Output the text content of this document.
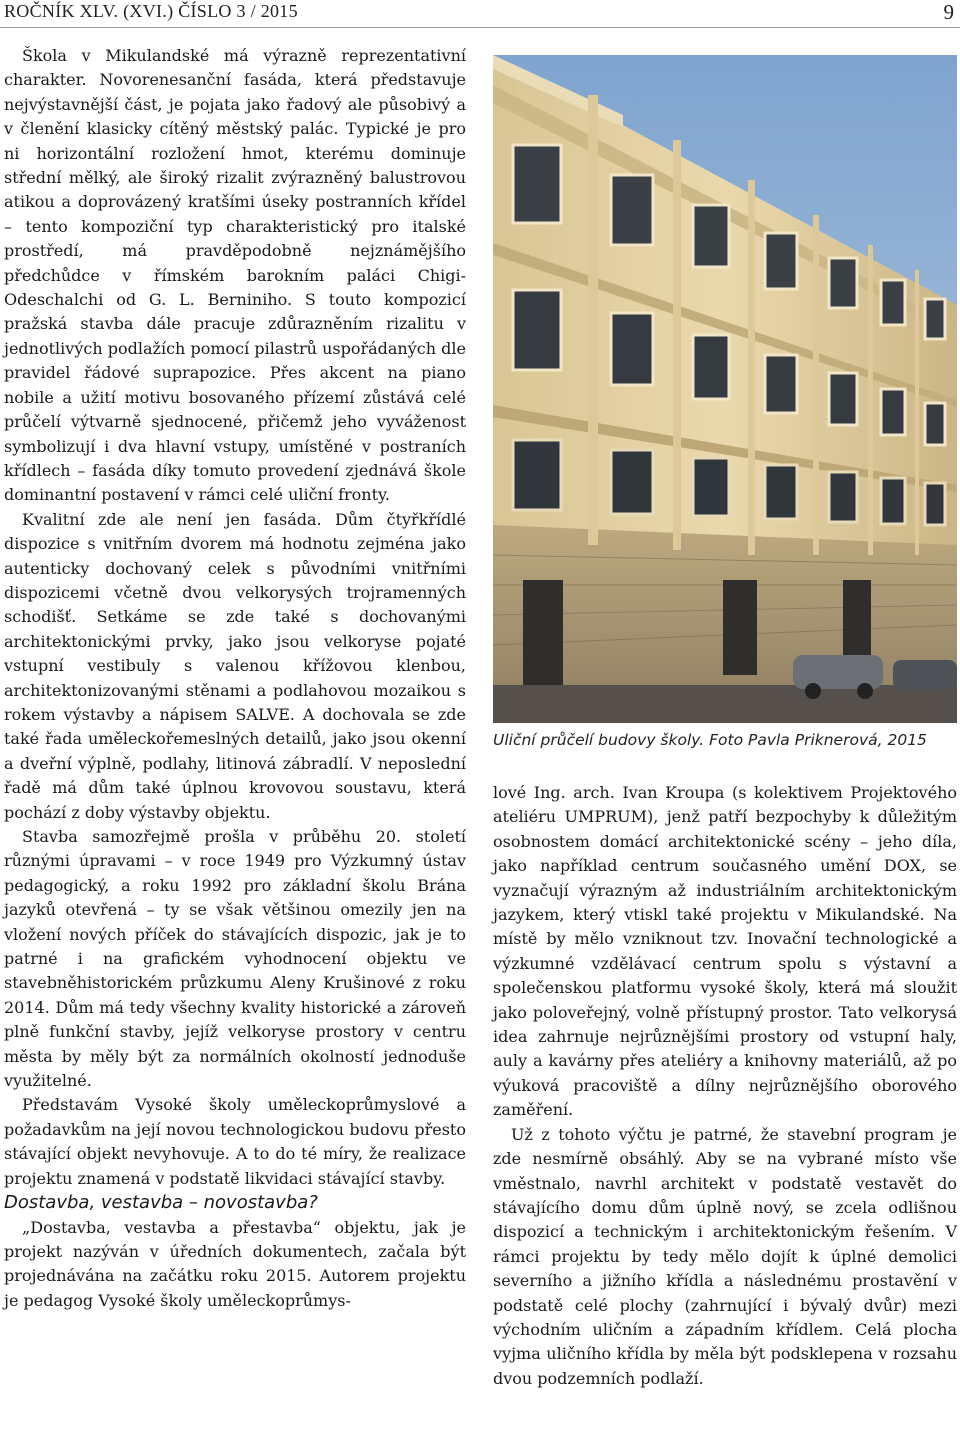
ROČNÍK XLV. (XVI.) ČÍSLO 3 / 2015	9

Škola v Mikulandské má výrazně reprezentativní charakter. Novorenesanční fasáda, která představuje nejvýstavnější část, je pojata jako řadový ale působivý a v členění klasicky cítěný městský palác. Typické je pro ni horizontální rozložení hmot, kterému dominuje střední mělký, ale široký rizalit zvýrazněný balustrovou atikou a doprovázený kratšími úseky postranních křídel – tento kompoziční typ charakteristický pro italské prostředí, má pravděpodobně nejznámějšího předchůdce v římském barokním paláci Chigi-Odeschalchi od G. L. Berniniho. S touto kompozicí pražská stavba dále pracuje zdůrazněním rizalitu v jednotlivých podlažích pomocí pilastrů uspořádaných dle pravidel řádové suprapozice. Přes akcent na piano nobile a užití motivu bosovaného přízemí zůstává celé průčelí výtvarně sjednocené, přičemž jeho vyváženost symbolizují i dva hlavní vstupy, umístěné v postraních křídlech – fasáda díky tomuto provedení zjednává škole dominantní postavení v rámci celé uliční fronty.

Kvalitní zde ale není jen fasáda. Dům čtyřkřídlé dispozice s vnitřním dvorem má hodnotu zejména jako autenticky dochovaný celek s původními vnitřními dispozicemi včetně dvou velkorysých trojramenných schodišť. Setkáme se zde také s dochovanými architektonickými prvky, jako jsou velkoryse pojaté vstupní vestibuly s valenou křížovou klenbou, architektonizovanými stěnami a podlahovou mozaikou s rokem výstavby a nápisem SALVE. A dochovala se zde také řada uměleckořemeslných detailů, jako jsou okenní a dveřní výplně, podlahy, litinová zábradlí. V neposlední řadě má dům také úplnou krovovou soustavu, která pochází z doby výstavby objektu.

Stavba samozřejmě prošla v průběhu 20. století různými úpravami – v roce 1949 pro Výzkumný ústav pedagogický, a roku 1992 pro základní školu Brána jazyků otevřená – ty se však většinou omezily jen na vložení nových příček do stávajících dispozic, jak je to patrné i na grafickém vyhodnocení objektu ve stavebněhistorickém průzkumu Aleny Krušinové z roku 2014. Dům má tedy všechny kvality historické a zároveň plně funkční stavby, jejíž velkoryse prostory v centru města by měly být za normálních okolností jednoduše využitelné.

Představám Vysoké školy uměleckoprůmyslové a požadavkům na její novou technologickou budovu přesto stávající objekt nevyhovuje. A to do té míry, že realizace projektu znamená v podstatě likvidaci stávající stavby.

Dostavba, vestavba – novostavba?

„Dostavba, vestavba a přestavba“ objektu, jak je projekt nazýván v úředních dokumentech, začala být projednávána na začátku roku 2015. Autorem projektu je pedagog Vysoké školy uměleckoprůmys-

Uliční průčelí budovy školy. Foto Pavla Priknerová, 2015

lové Ing. arch. Ivan Kroupa (s kolektivem Projektového ateliéru UMPRUM), jenž patří bezpochyby k důležitým osobnostem domácí architektonické scény – jeho díla, jako například centrum současného umění DOX, se vyznačují výrazným až industriálním architektonickým jazykem, který vtiskl také projektu v Mikulandské. Na místě by mělo vzniknout tzv. Inovační technologické a výzkumné vzdělávací centrum spolu s výstavní a společenskou platformu vysoké školy, která má sloužit jako poloveřejný, volně přístupný prostor. Tato velkorysá idea zahrnuje nejrůznějšími prostory od vstupní haly, auly a kavárny přes ateliéry a knihovny materiálů, až po výuková pracoviště a dílny nejrůznějšího oborového zaměření.

Už z tohoto výčtu je patrné, že stavební program je zde nesmírně obsáhlý. Aby se na vybrané místo vše vměstnalo, navrhl architekt v podstatě vestavět do stávajícího domu dům úplně nový, se zcela odlišnou dispozicí a technickým i architektonickým řešením. V rámci projektu by tedy mělo dojít k úplné demolici severního a jižního křídla a následnému prostavění v podstatě celé plochy (zahrnující i bývalý dvůr) mezi východním uličním a západním křídlem. Celá plocha vyjma uličního křídla by měla být podsklepena v rozsahu dvou podzemních podlaží.
